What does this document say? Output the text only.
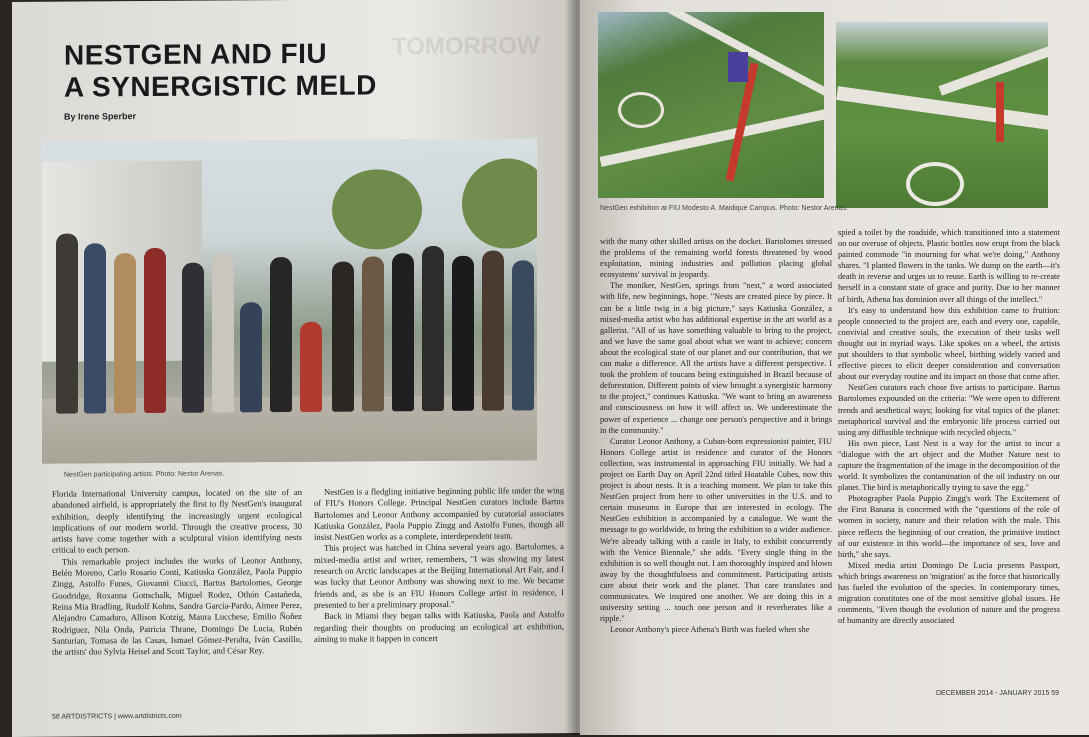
TOMORROW
NESTGEN AND FIU
A SYNERGISTIC MELD
By Irene Sperber
NestGen participating artists. Photo: Nestor Arenas.

Florida International University campus, located on the site of an abandoned airfield, is appropriately the first to fly NestGen's inaugural exhibition, deeply identifying the increasingly urgent ecological implications of our modern world. Through the creative process, 30 artists have come together with a sculptural vision identifying nests critical to each person.

This remarkable project includes the works of Leonor Anthony, Belén Moreno, Carlo Rosario Conti, Katiuska González, Paola Puppio Zingg, Astolfo Funes, Giovanni Ciucci, Bartus Bartolomes, George Goodridge, Roxanna Gottschalk, Miguel Rodez, Othón Castañeda, Reina Mia Bradling, Rudolf Kohns, Sandra García-Pardo, Aimee Perez, Alejandro Camaduro, Allison Kotzig, Maura Lucchese, Emilio Ñoñez Rodriguez, Nila Onda, Patricia Thrane, Domingo De Lucia, Rubén Santurian, Tomasa de las Casas, Ismael Gómez-Peralta, Iván Castillo, the artists' duo Sylvia Heisel and Scott Taylor, and César Rey.

NestGen is a fledgling initiative beginning public life under the wing of FIU's Honors College. Principal NestGen curators include Bartus Bartolomes and Leonor Anthony accompanied by curatorial associates Katiuska González, Paola Puppio Zingg and Astolfo Funes, though all insist NestGen works as a complete, interdependent team.

This project was hatched in China several years ago. Bartolomes, a mixed-media artist and writer, remembers, "I was showing my latest research on Arctic landscapes at the Beijing International Art Fair, and I was lucky that Leonor Anthony was showing next to me. We became friends and, as she is an FIU Honors College artist in residence, I presented to her a preliminary proposal."

Back in Miami they began talks with Katiuska, Paola and Astolfo regarding their thoughts on producing an ecological art exhibition, aiming to make it happen in concert

58 ARTDISTRICTS | www.artdistricts.com
NestGen exhibition at FIU Modesto A. Maidique Campus. Photo: Nestor Arenas.

with the many other skilled artists on the docket. Bartolomes stressed the problems of the remaining world forests threatened by wood exploitation, mining industries and pollution placing global ecosystems' survival in jeopardy.

The moniker, NestGen, springs from "nest," a word associated with life, new beginnings, hope. "Nests are created piece by piece. It can be a little twig in a big picture," says Katiuska González, a mixed-media artist who has additional expertise in the art world as a gallerist. "All of us have something valuable to bring to the project, and we have the same goal about what we want to achieve; concern about the ecological state of our planet and our contribution, that we can make a difference. All the artists have a different perspective. I took the problem of toucans being extinguished in Brazil because of deforestation. Different points of view brought a synergistic harmony to the project," continues Katiuska. "We want to bring an awareness and consciousness on how it will affect us. We underestimate the power of experience ... change one person's perspective and it brings in the community."

Curator Leonor Anthony, a Cuban-born expressionist painter, FIU Honors College artist in residence and curator of the Honors collection, was instrumental in approaching FIU initially. We had a project on Earth Day on April 22nd titled Hoatable Cubes, now this project is about nests. It is a teaching moment. We plan to take this NestGen project from here to other universities in the U.S. and to certain museums in Europe that are interested in ecology. The NestGen exhibition is accompanied by a catalogue. We want the message to go worldwide, to bring the exhibition to a wider audience. We're already talking with a castle in Italy, to exhibit concurrently with the Venice Biennale," she adds. "Every single thing in the exhibition is so well thought out. I am thoroughly inspired and blown away by the thoughtfulness and commitment. Participating artists care about their work and the planet. That care translates and communicates. We inspired one another. We are doing this in a university setting ... touch one person and it reverberates like a ripple."

Leonor Anthony's piece Athena's Birth was fueled when she

spied a toilet by the roadside, which transitioned into a statement on our overuse of objects. Plastic bottles now erupt from the black painted commode "in mourning for what we're doing," Anthony shares. "I planted flowers in the tanks. We dump on the earth—it's death in reverse and urges us to reuse. Earth is willing to re-create herself in a constant state of grace and purity. Due to her manner of birth, Athena has dominion over all things of the intellect."

It's easy to understand how this exhibition came to fruition: people connected to the project are, each and every one, capable, convivial and creative souls, the execution of their tasks well thought out in myriad ways. Like spokes on a wheel, the artists put shoulders to that symbolic wheel, birthing widely varied and effective pieces to elicit deeper consideration and conversation about our everyday routine and its impact on those that come after.

NestGen curators each chose five artists to participate. Bartus Bartolomes expounded on the criteria: "We were open to different trends and aesthetical ways; looking for vital topics of the planet: metaphorical survival and the embryonic life process carried out using any diffusible technique with recycled objects."

His own piece, Last Nest is a way for the artist to incur a "dialogue with the art object and the Mother Nature nest to capture the fragmentation of the image in the decomposition of the world. It symbolizes the contamination of the oil industry on our planet. The bird is metaphorically trying to save the egg."

Photographer Paola Puppio Zingg's work The Excitement of the First Banana is concerned with the "questions of the role of women in society, nature and their relation with the male. This piece reflects the beginning of our creation, the primitive instinct of our existence in this world—the importance of sex, love and birth," she says.

Mixed media artist Domingo De Lucia presents Passport, which brings awareness on 'migration' as the force that historically has fueled the evolution of the species. In contemporary times, migration constitutes one of the most sensitive global issues. He comments, "Even though the evolution of nature and the progress of humanity are directly associated

DECEMBER 2014 - JANUARY 2015 59
